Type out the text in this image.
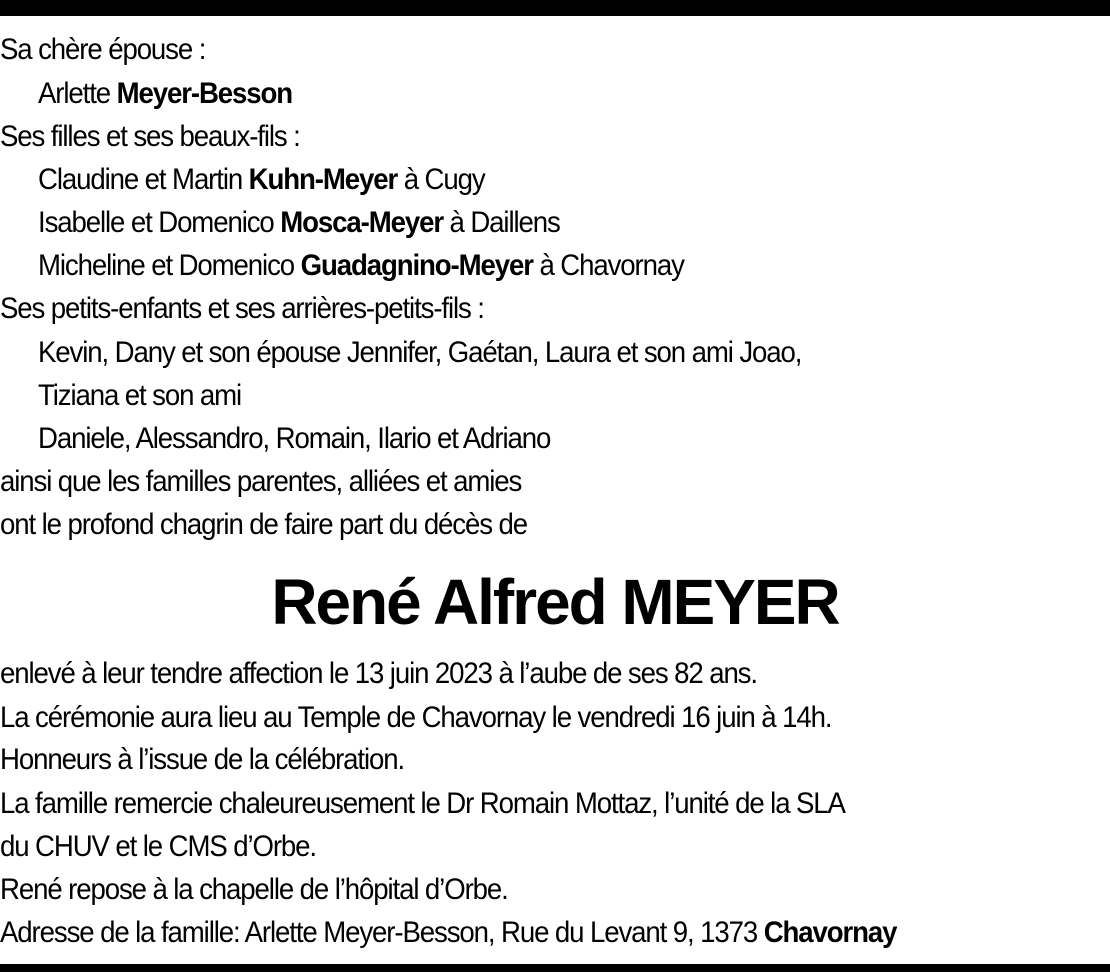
Sa chère épouse :
Arlette Meyer-Besson
Ses filles et ses beaux-fils :
Claudine et Martin Kuhn-Meyer à Cugy
Isabelle et Domenico Mosca-Meyer à Daillens
Micheline et Domenico Guadagnino-Meyer à Chavornay
Ses petits-enfants et ses arrières-petits-fils :
Kevin, Dany et son épouse Jennifer, Gaétan, Laura et son ami Joao,
Tiziana et son ami
Daniele, Alessandro, Romain, Ilario et Adriano
ainsi que les familles parentes, alliées et amies
ont le profond chagrin de faire part du décès de
René Alfred MEYER
enlevé à leur tendre affection le 13 juin 2023 à l’aube de ses 82 ans.
La cérémonie aura lieu au Temple de Chavornay le vendredi 16 juin à 14h.
Honneurs à l’issue de la célébration.
La famille remercie chaleureusement le Dr Romain Mottaz, l’unité de la SLA
du CHUV et le CMS d’Orbe.
René repose à la chapelle de l’hôpital d’Orbe.
Adresse de la famille: Arlette Meyer-Besson, Rue du Levant 9, 1373 Chavornay
